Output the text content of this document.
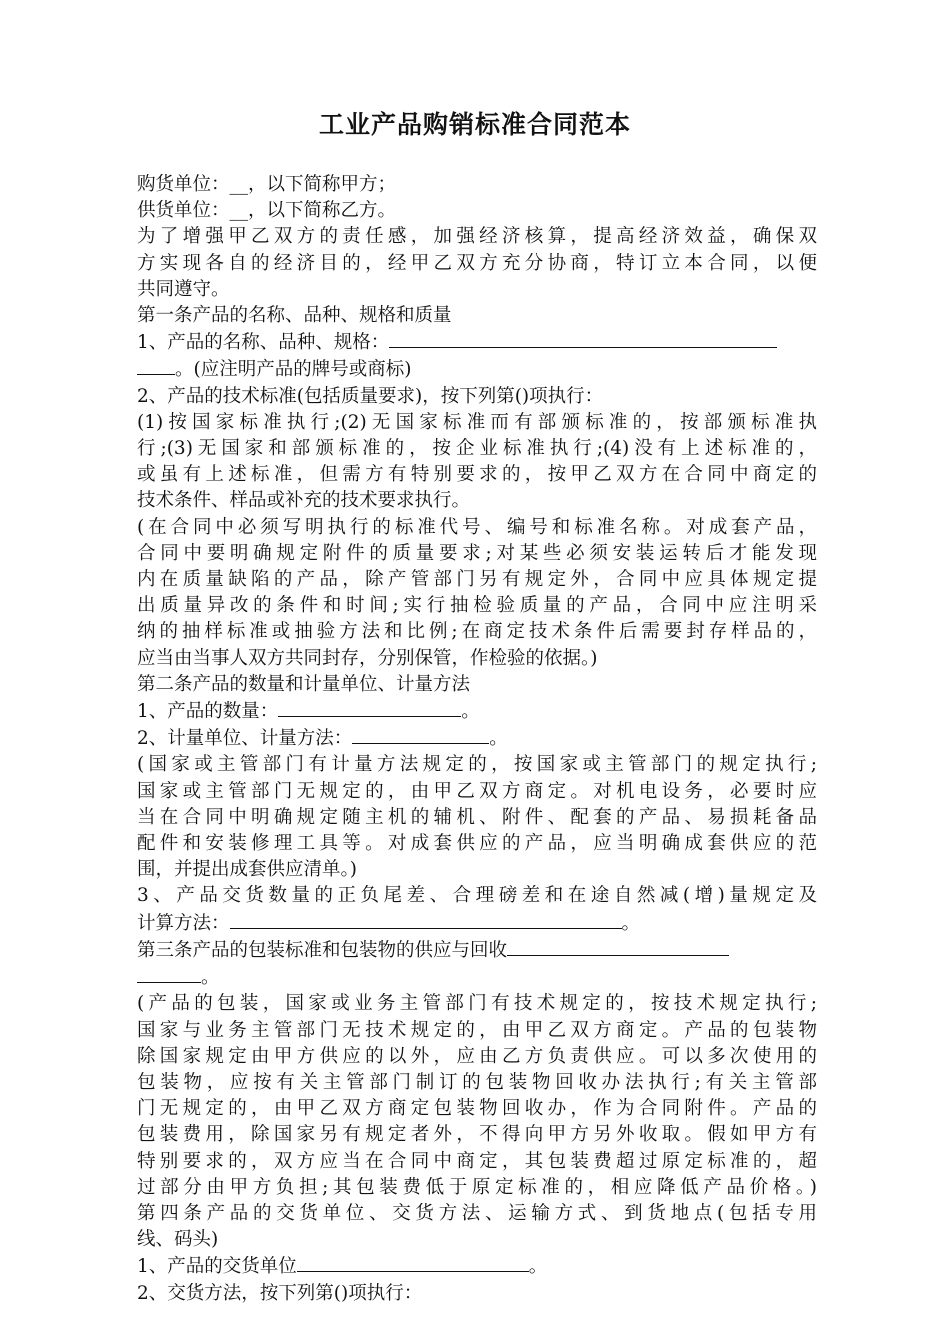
工业产品购销标准合同范本
购货单位：__，以下简称甲方；
供货单位：__，以下简称乙方。
为了增强甲乙双方的责任感，加强经济核算，提高经济效益，确保双
方实现各自的经济目的，经甲乙双方充分协商，特订立本合同，以便
共同遵守。
第一条产品的名称、品种、规格和质量
1、产品的名称、品种、规格：
。(应注明产品的牌号或商标)
2、产品的技术标准(包括质量要求)，按下列第()项执行：
(1)按国家标准执行;(2)无国家标准而有部颁标准的，按部颁标准执
行;(3)无国家和部颁标准的，按企业标准执行;(4)没有上述标准的，
或虽有上述标准，但需方有特别要求的，按甲乙双方在合同中商定的
技术条件、样品或补充的技术要求执行。
(在合同中必须写明执行的标准代号、编号和标准名称。对成套产品，
合同中要明确规定附件的质量要求;对某些必须安装运转后才能发现
内在质量缺陷的产品，除产管部门另有规定外，合同中应具体规定提
出质量异改的条件和时间;实行抽检验质量的产品，合同中应注明采
纳的抽样标准或抽验方法和比例;在商定技术条件后需要封存样品的，
应当由当事人双方共同封存，分别保管，作检验的依据。)
第二条产品的数量和计量单位、计量方法
1、产品的数量：	。
2、计量单位、计量方法：	。
(国家或主管部门有计量方法规定的，按国家或主管部门的规定执行;
国家或主管部门无规定的，由甲乙双方商定。对机电设务，必要时应
当在合同中明确规定随主机的辅机、附件、配套的产品、易损耗备品
配件和安装修理工具等。对成套供应的产品，应当明确成套供应的范
围，并提出成套供应清单。)
3、产品交货数量的正负尾差、合理磅差和在途自然减(增)量规定及
计算方法：	。
第三条产品的包装标准和包装物的供应与回收
。
(产品的包装，国家或业务主管部门有技术规定的，按技术规定执行;
国家与业务主管部门无技术规定的，由甲乙双方商定。产品的包装物
除国家规定由甲方供应的以外，应由乙方负责供应。可以多次使用的
包装物，应按有关主管部门制订的包装物回收办法执行;有关主管部
门无规定的，由甲乙双方商定包装物回收办，作为合同附件。产品的
包装费用，除国家另有规定者外，不得向甲方另外收取。假如甲方有
特别要求的，双方应当在合同中商定，其包装费超过原定标准的，超
过部分由甲方负担;其包装费低于原定标准的，相应降低产品价格。)
第四条产品的交货单位、交货方法、运输方式、到货地点(包括专用
线、码头)
1、产品的交货单位	。
2、交货方法，按下列第()项执行：
